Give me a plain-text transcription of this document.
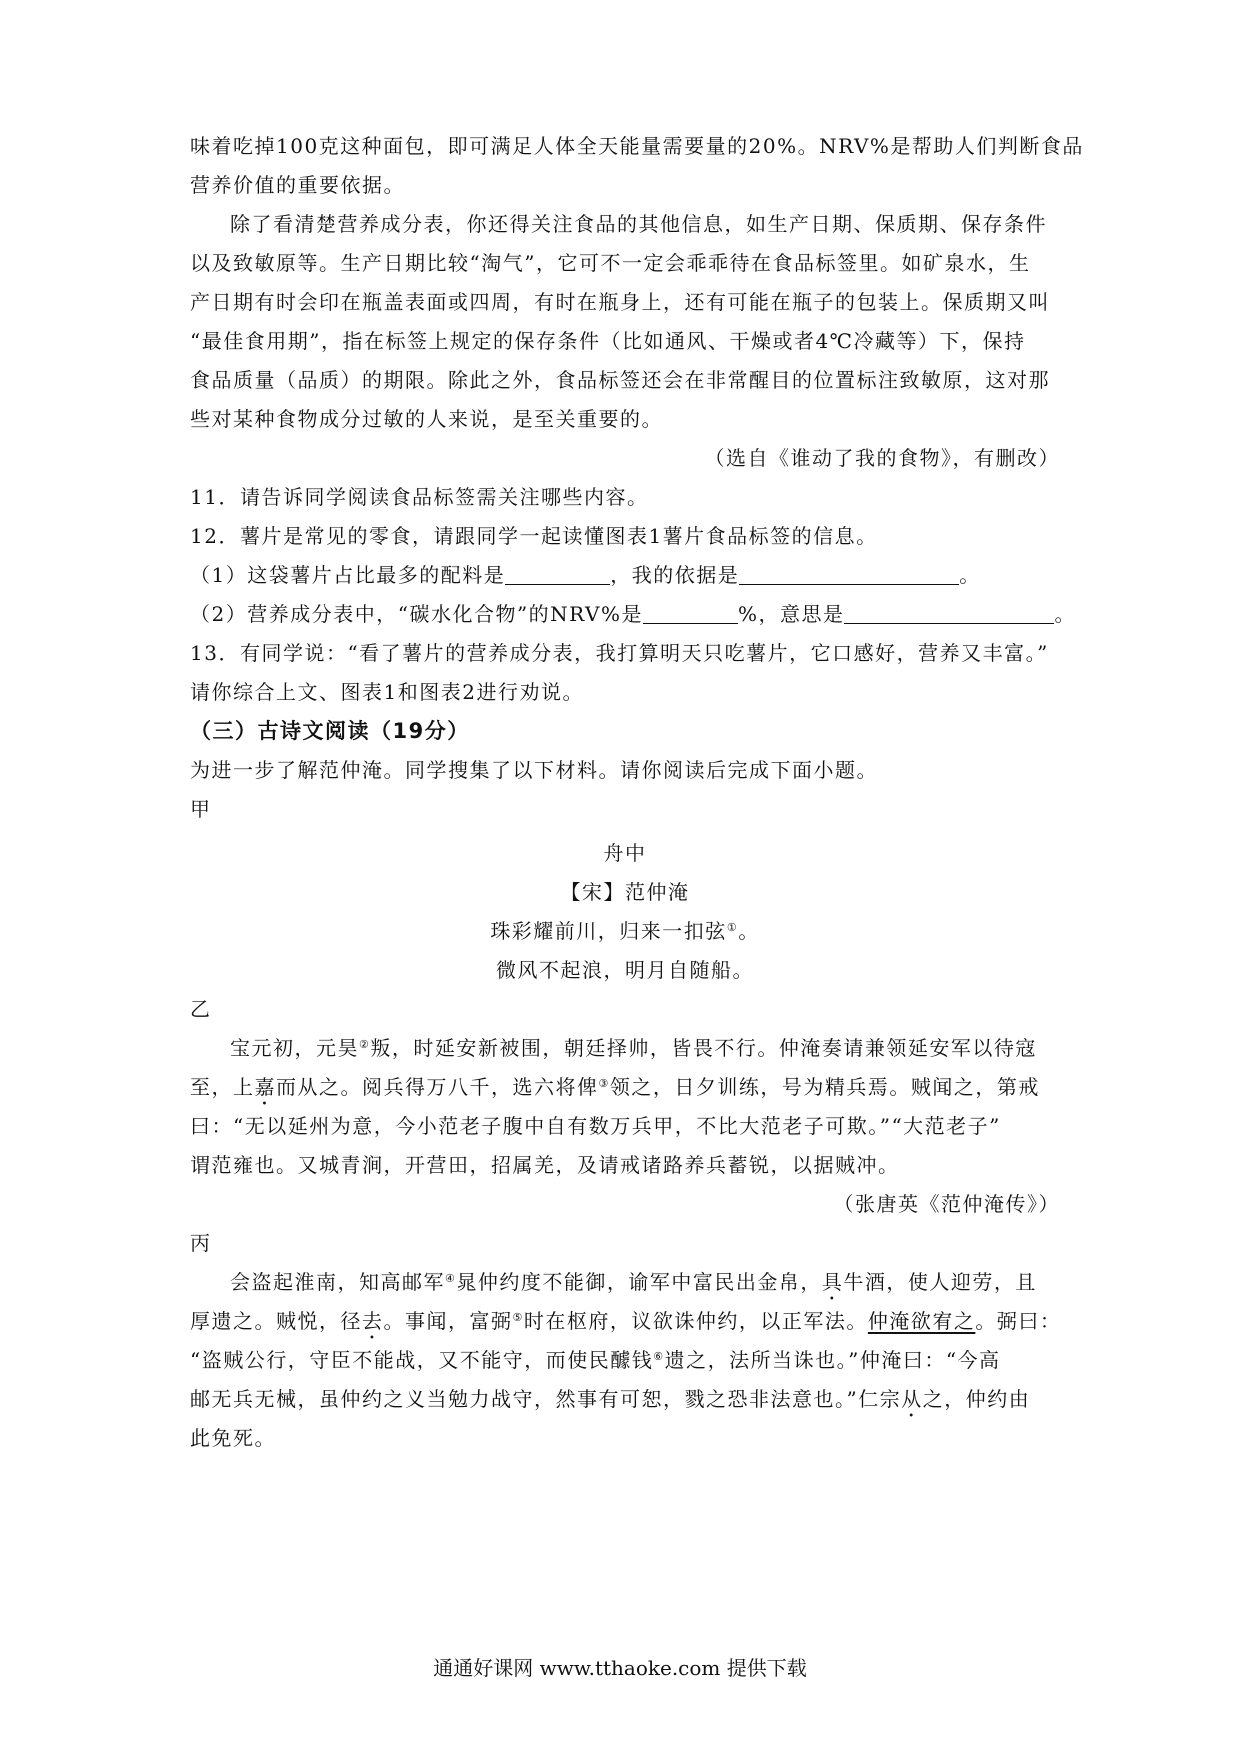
味着吃掉100克这种面包，即可满足人体全天能量需要量的20%。NRV%是帮助人们判断食品
营养价值的重要依据。
除了看清楚营养成分表，你还得关注食品的其他信息，如生产日期、保质期、保存条件
以及致敏原等。生产日期比较“淘气”，它可不一定会乖乖待在食品标签里。如矿泉水，生
产日期有时会印在瓶盖表面或四周，有时在瓶身上，还有可能在瓶子的包装上。保质期又叫
“最佳食用期”，指在标签上规定的保存条件（比如通风、干燥或者4℃冷藏等）下，保持
食品质量（品质）的期限。除此之外，食品标签还会在非常醒目的位置标注致敏原，这对那
些对某种食物成分过敏的人来说，是至关重要的。
（选自《谁动了我的食物》，有删改）
11．请告诉同学阅读食品标签需关注哪些内容。
12．薯片是常见的零食，请跟同学一起读懂图表1薯片食品标签的信息。
（1）这袋薯片占比最多的配料是	，我的依据是	。
（2）营养成分表中，“碳水化合物”的NRV%是	%，意思是	。
13．有同学说：“看了薯片的营养成分表，我打算明天只吃薯片，它口感好，营养又丰富。”
请你综合上文、图表1和图表2进行劝说。
（三）古诗文阅读（19分）
为进一步了解范仲淹。同学搜集了以下材料。请你阅读后完成下面小题。
甲
舟中
【宋】范仲淹
珠彩耀前川，归来一扣弦①。
微风不起浪，明月自随船。
乙
宝元初，元昊②叛，时延安新被围，朝廷择帅，皆畏不行。仲淹奏请兼领延安军以待寇
至，上嘉而从之。阅兵得万八千，选六将俾③领之，日夕训练，号为精兵焉。贼闻之，第戒
曰：“无以延州为意，今小范老子腹中自有数万兵甲，不比大范老子可欺。”“大范老子”
谓范雍也。又城青涧，开营田，招属羌，及请戒诸路养兵蓄锐，以据贼冲。
（张唐英《范仲淹传》）
丙
会盗起淮南，知高邮军④晁仲约度不能御，谕军中富民出金帛，具牛酒，使人迎劳，且
厚遗之。贼悦，径去。事闻，富弼⑤时在枢府，议欲诛仲约，以正军法。仲淹欲宥之。弼曰：
“盗贼公行，守臣不能战，又不能守，而使民醵钱⑥遗之，法所当诛也。”仲淹曰：“今高
邮无兵无械，虽仲约之义当勉力战守，然事有可恕，戮之恐非法意也。”仁宗从之，仲约由
此免死。
通通好课网 www.tthaoke.com 提供下载
